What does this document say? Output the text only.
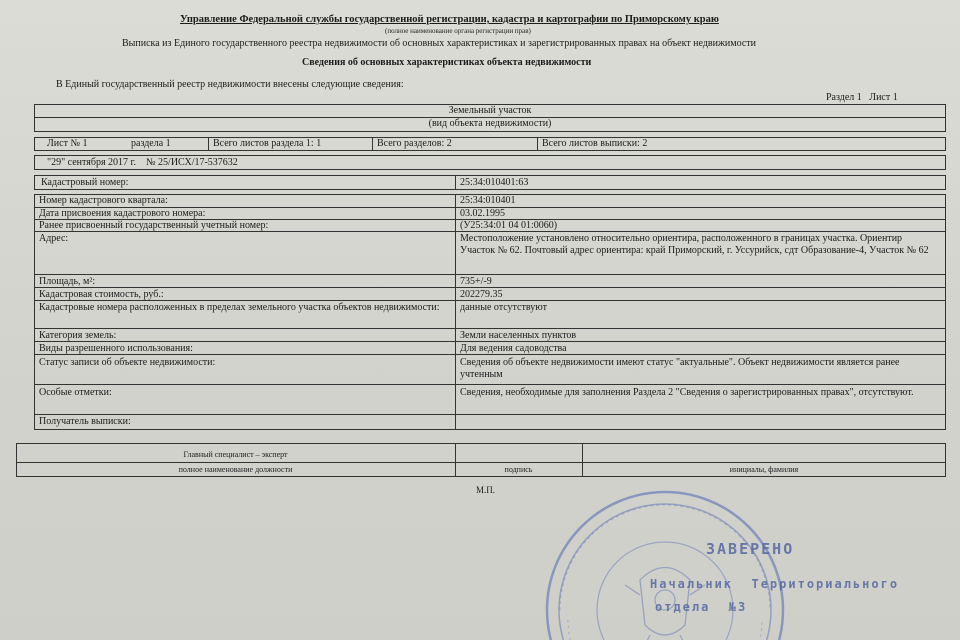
Управление Федеральной службы государственной регистрации, кадастра и картографии по Приморскому краю
(полное наименование органа регистрации прав)
Выписка из Единого государственного реестра недвижимости об основных характеристиках и зарегистрированных правах на объект недвижимости
Сведения об основных характеристиках объекта недвижимости
В Единый государственный реестр недвижимости внесены следующие сведения:
Раздел 1 Лист 1
Земельный участок
(вид объекта недвижимости)
Лист № 1	раздела 1	Всего листов раздела 1: 1	Всего разделов: 2	Всего листов выписки: 2
"29" сентября 2017 г.    № 25/ИСХ/17-537632
Кадастровый номер:	25:34:010401:63
Номер кадастрового квартала:	25:34:010401
Дата присвоения кадастрового номера:	03.02.1995
Ранее присвоенный государственный учетный номер:	(У25:34:01 04 01:0060)
Адрес:	Местоположение установлено относительно ориентира, расположенного в границах участка. Ориентир Участок № 62. Почтовый адрес ориентира: край Приморский, г. Уссурийск, сдт Образование-4, Участок № 62
Площадь, м²:	735+/-9
Кадастровая стоимость, руб.:	202279.35
Кадастровые номера расположенных в пределах земельного участка объектов недвижимости:	данные отсутствуют
Категория земель:	Земли населенных пунктов
Виды разрешенного использования:	Для ведения садоводства
Статус записи об объекте недвижимости:	Сведения об объекте недвижимости имеют статус "актуальные". Объект недвижимости является ранее учтенным
Особые отметки:	Сведения, необходимые для заполнения Раздела 2 "Сведения о зарегистрированных правах", отсутствуют.
Получатель выписки:
Главный специалист – эксперт
полное наименование должности	подпись	инициалы, фамилия
М.П.
ЗАВЕРЕНО
Начальник  Территориального
отдела  №3
